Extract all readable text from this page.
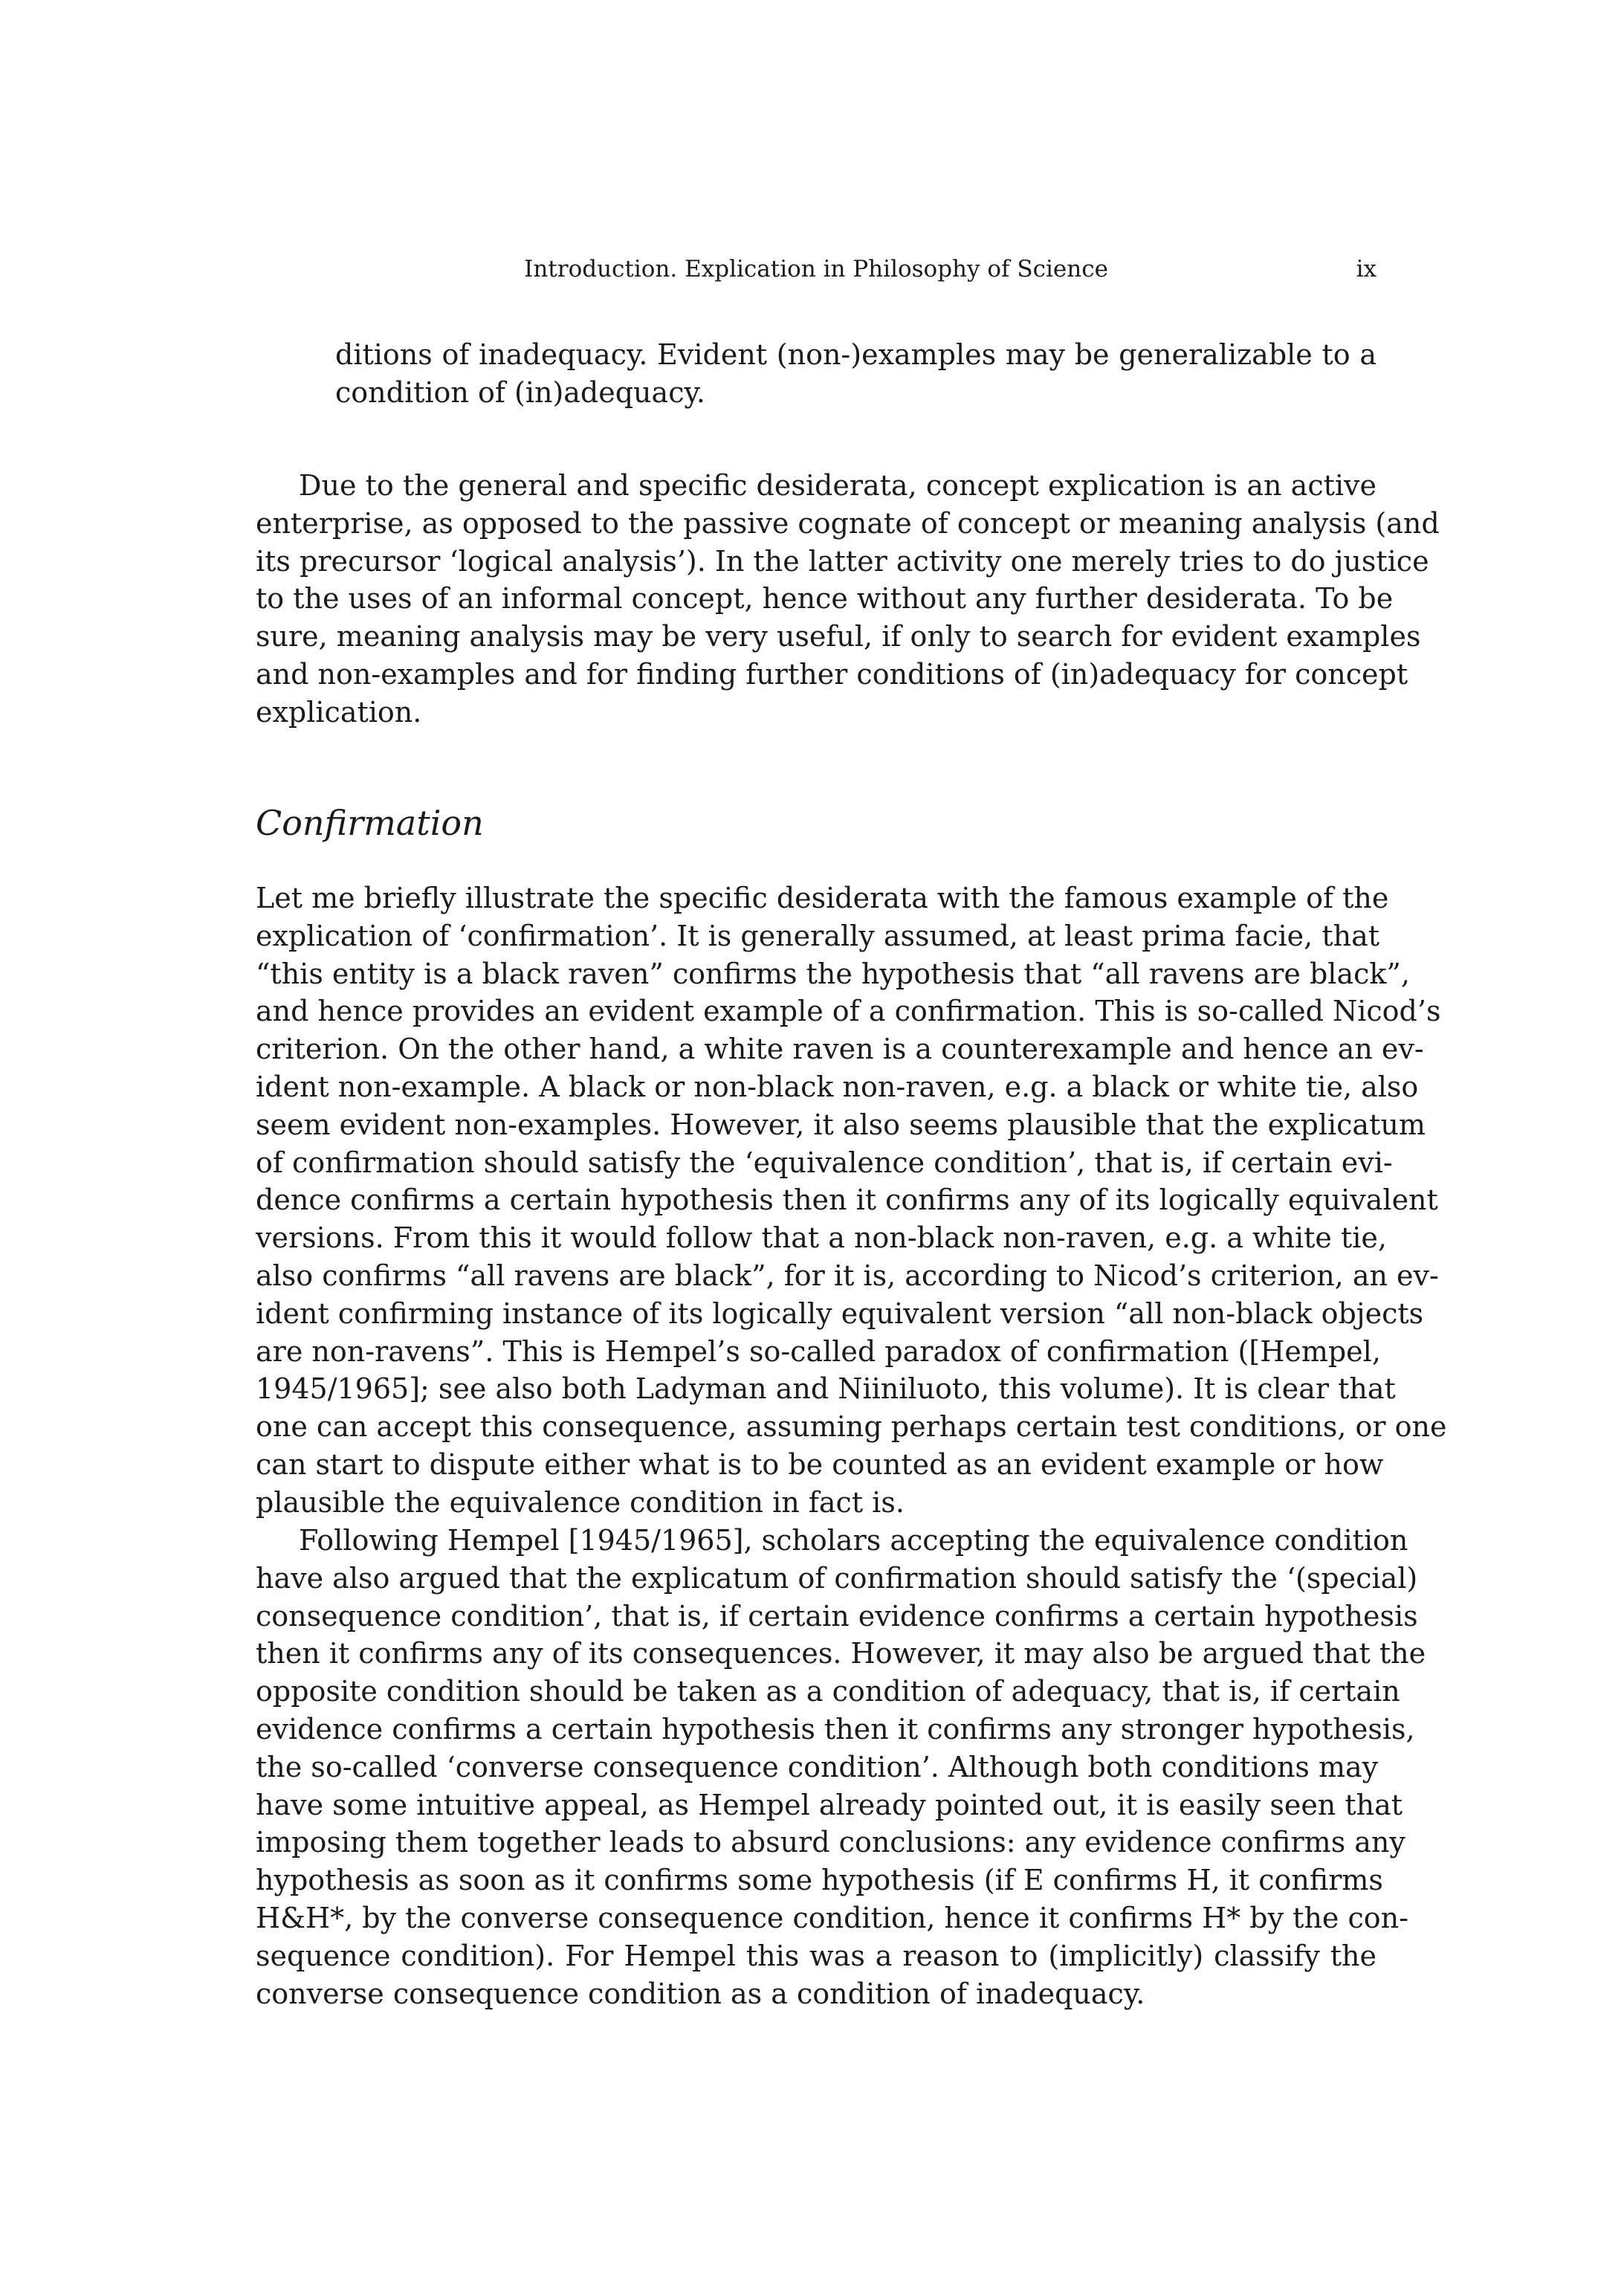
Introduction. Explication in Philosophy of Science	ix
ditions of inadequacy. Evident (non-)examples may be generalizable to a
condition of (in)adequacy.
Due to the general and specific desiderata, concept explication is an active
enterprise, as opposed to the passive cognate of concept or meaning analysis (and
its precursor ‘logical analysis’). In the latter activity one merely tries to do justice
to the uses of an informal concept, hence without any further desiderata. To be
sure, meaning analysis may be very useful, if only to search for evident examples
and non-examples and for finding further conditions of (in)adequacy for concept
explication.
Confirmation
Let me briefly illustrate the specific desiderata with the famous example of the
explication of ‘confirmation’. It is generally assumed, at least prima facie, that
“this entity is a black raven” confirms the hypothesis that “all ravens are black”,
and hence provides an evident example of a confirmation. This is so-called Nicod’s
criterion. On the other hand, a white raven is a counterexample and hence an ev-
ident non-example. A black or non-black non-raven, e.g. a black or white tie, also
seem evident non-examples. However, it also seems plausible that the explicatum
of confirmation should satisfy the ‘equivalence condition’, that is, if certain evi-
dence confirms a certain hypothesis then it confirms any of its logically equivalent
versions. From this it would follow that a non-black non-raven, e.g. a white tie,
also confirms “all ravens are black”, for it is, according to Nicod’s criterion, an ev-
ident confirming instance of its logically equivalent version “all non-black objects
are non-ravens”. This is Hempel’s so-called paradox of confirmation ([Hempel,
1945/1965]; see also both Ladyman and Niiniluoto, this volume). It is clear that
one can accept this consequence, assuming perhaps certain test conditions, or one
can start to dispute either what is to be counted as an evident example or how
plausible the equivalence condition in fact is.
Following Hempel [1945/1965], scholars accepting the equivalence condition
have also argued that the explicatum of confirmation should satisfy the ‘(special)
consequence condition’, that is, if certain evidence confirms a certain hypothesis
then it confirms any of its consequences. However, it may also be argued that the
opposite condition should be taken as a condition of adequacy, that is, if certain
evidence confirms a certain hypothesis then it confirms any stronger hypothesis,
the so-called ‘converse consequence condition’. Although both conditions may
have some intuitive appeal, as Hempel already pointed out, it is easily seen that
imposing them together leads to absurd conclusions: any evidence confirms any
hypothesis as soon as it confirms some hypothesis (if E confirms H, it confirms
H&H*, by the converse consequence condition, hence it confirms H* by the con-
sequence condition). For Hempel this was a reason to (implicitly) classify the
converse consequence condition as a condition of inadequacy.
